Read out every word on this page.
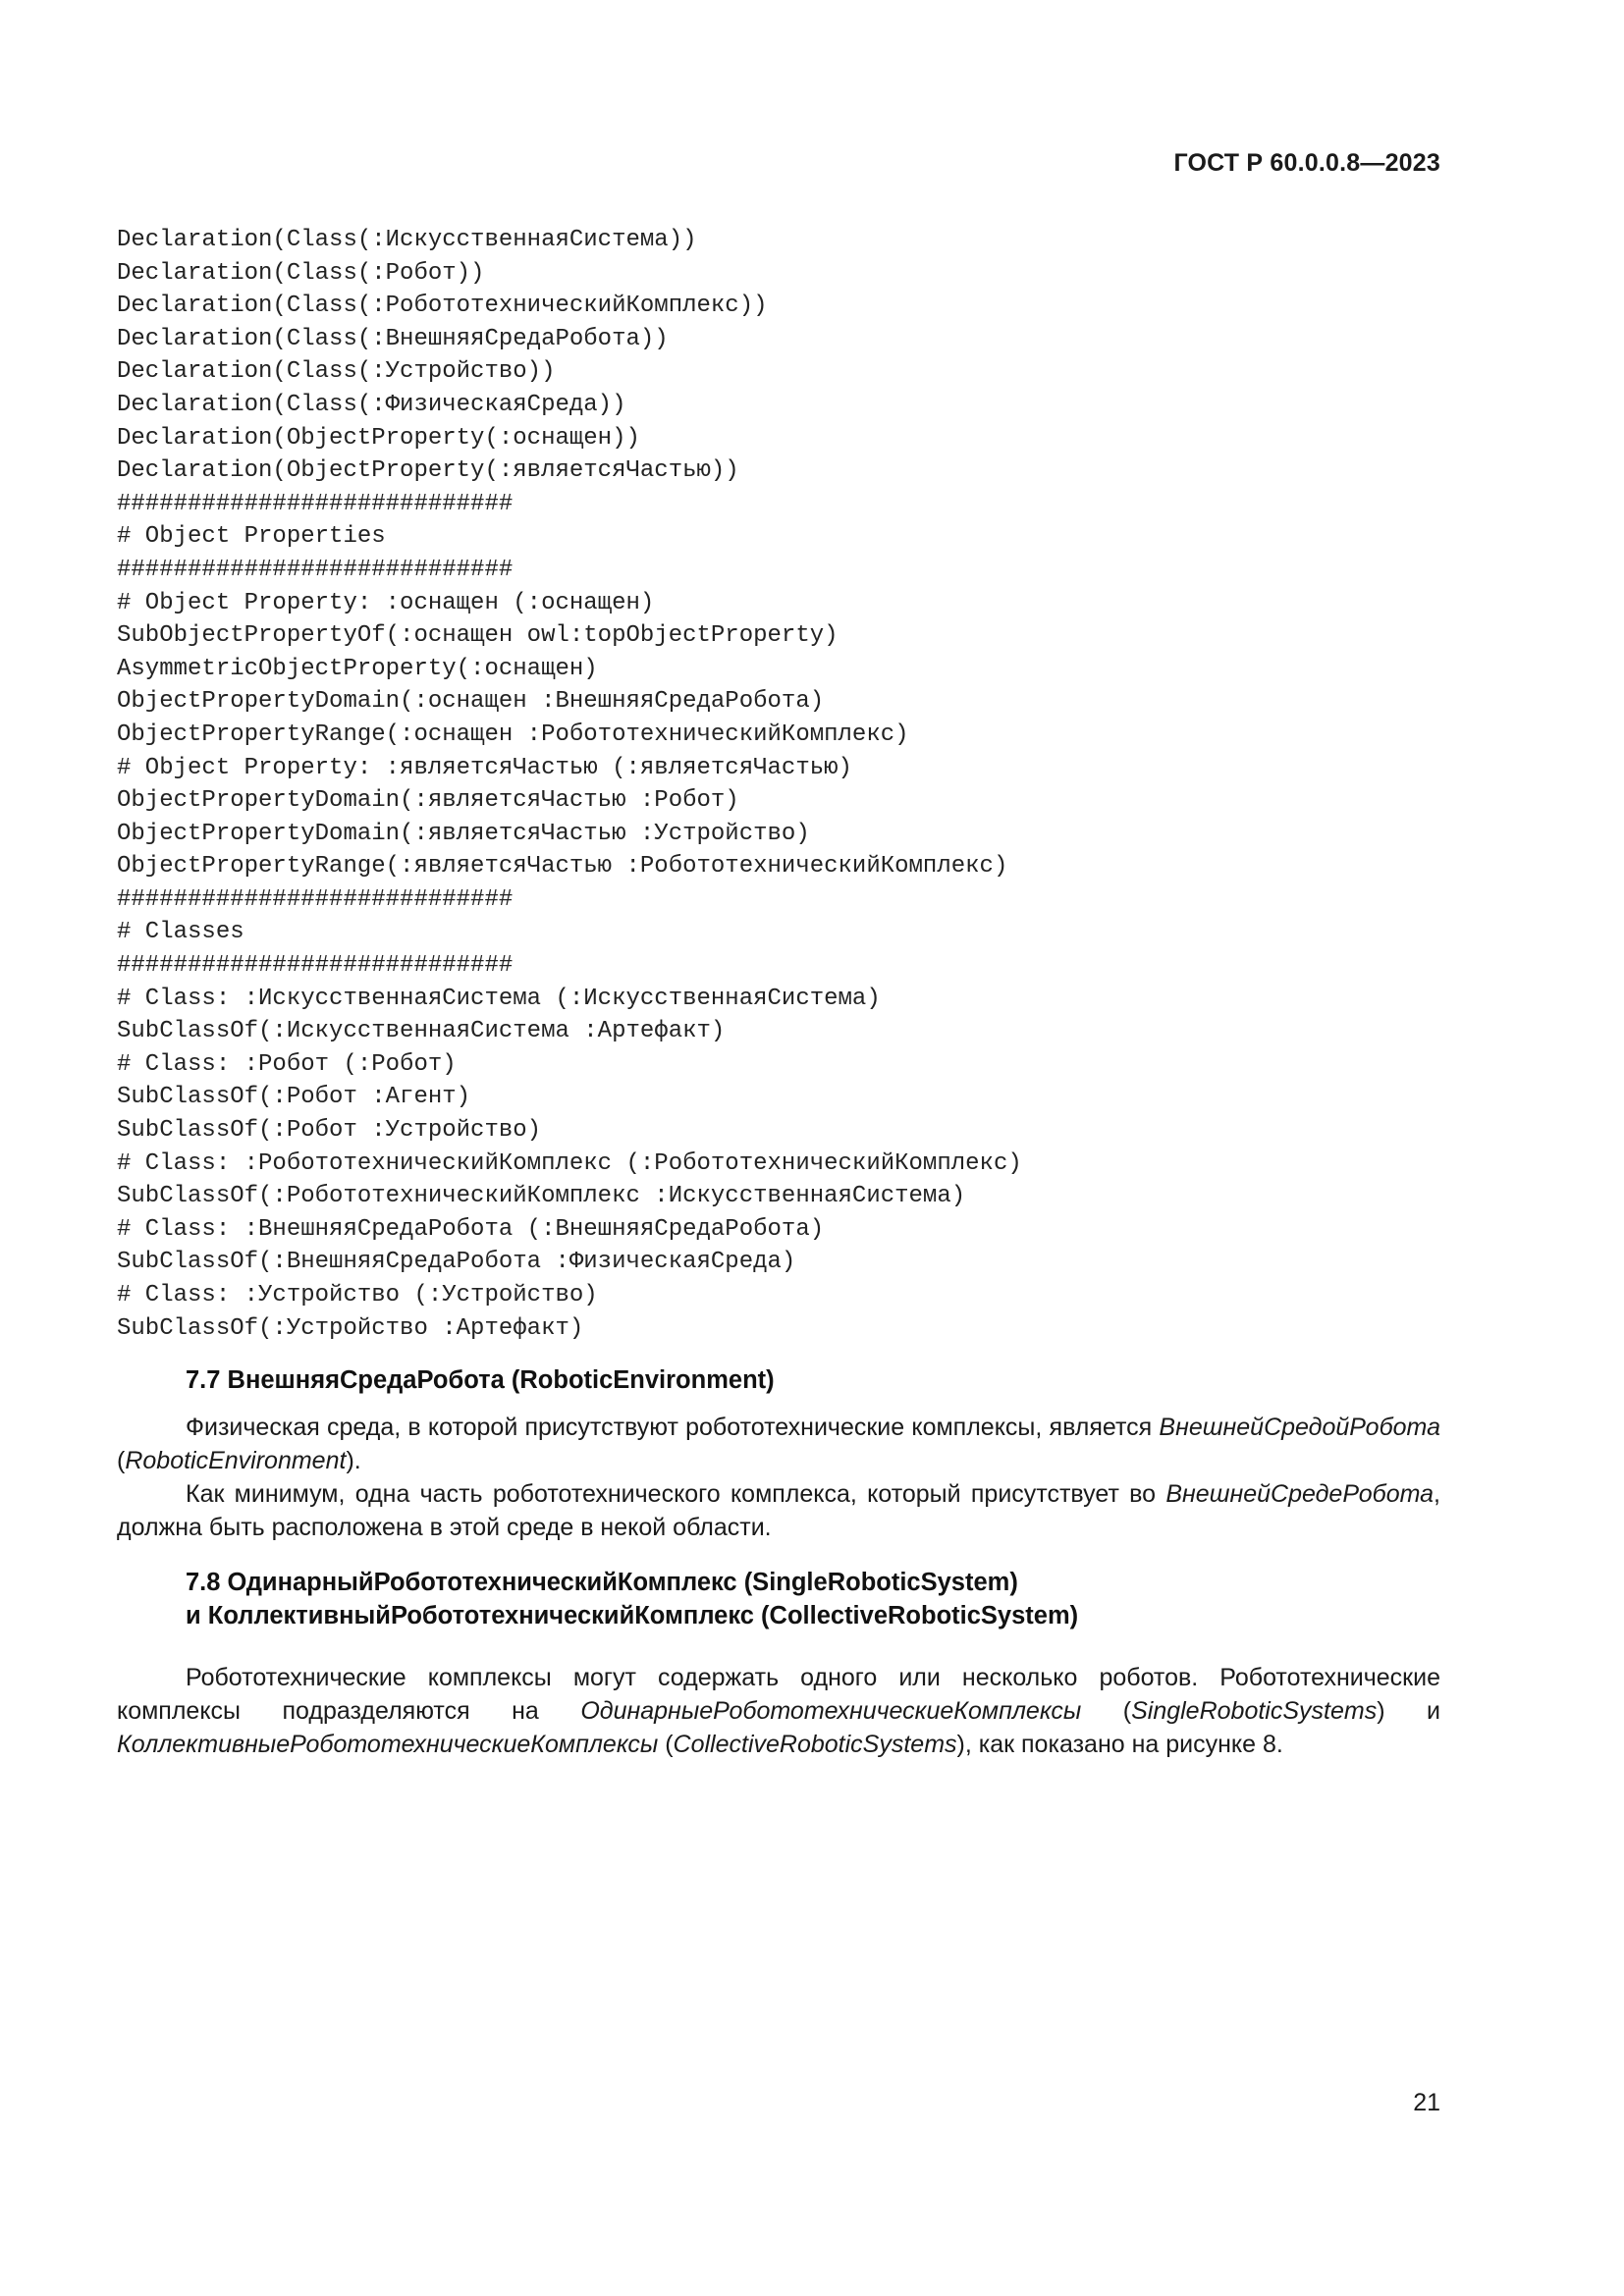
ГОСТ Р 60.0.0.8—2023
Declaration(Class(:ИскусственнаяСистема))
Declaration(Class(:Робот))
Declaration(Class(:РобототехническийКомплекс))
Declaration(Class(:ВнешняяСредаРобота))
Declaration(Class(:Устройство))
Declaration(Class(:ФизическаяСреда))
Declaration(ObjectProperty(:оснащен))
Declaration(ObjectProperty(:являетсяЧастью))
############################
# Object Properties
############################
# Object Property: :оснащен (:оснащен)
SubObjectPropertyOf(:оснащен owl:topObjectProperty)
AsymmetricObjectProperty(:оснащен)
ObjectPropertyDomain(:оснащен :ВнешняяСредаРобота)
ObjectPropertyRange(:оснащен :РобототехническийКомплекс)
# Object Property: :являетсяЧастью (:являетсяЧастью)
ObjectPropertyDomain(:являетсяЧастью :Робот)
ObjectPropertyDomain(:являетсяЧастью :Устройство)
ObjectPropertyRange(:являетсяЧастью :РобототехническийКомплекс)
############################
# Classes
############################
# Class: :ИскусственнаяСистема (:ИскусственнаяСистема)
SubClassOf(:ИскусственнаяСистема :Артефакт)
# Class: :Робот (:Робот)
SubClassOf(:Робот :Агент)
SubClassOf(:Робот :Устройство)
# Class: :РобототехническийКомплекс (:РобототехническийКомплекс)
SubClassOf(:РобототехническийКомплекс :ИскусственнаяСистема)
# Class: :ВнешняяСредаРобота (:ВнешняяСредаРобота)
SubClassOf(:ВнешняяСредаРобота :ФизическаяСреда)
# Class: :Устройство (:Устройство)
SubClassOf(:Устройство :Артефакт)
7.7 ВнешняяСредаРобота (RoboticEnvironment)

Физическая среда, в которой присутствуют робототехнические комплексы, является ВнешнейСредойРобота (RoboticEnvironment).

Как минимум, одна часть робототехнического комплекса, который присутствует во ВнешнейСредеРобота, должна быть расположена в этой среде в некой области.

7.8 ОдинарныйРобототехническийКомплекс (SingleRoboticSystem)
и КоллективныйРобототехническийКомплекс (CollectiveRoboticSystem)

Робототехнические комплексы могут содержать одного или несколько роботов. Робототехнические комплексы подразделяются на ОдинарныеРобототехническиеКомплексы (SingleRoboticSystems) и КоллективныеРобототехническиеКомплексы (CollectiveRoboticSystems), как показано на рисунке 8.

21
